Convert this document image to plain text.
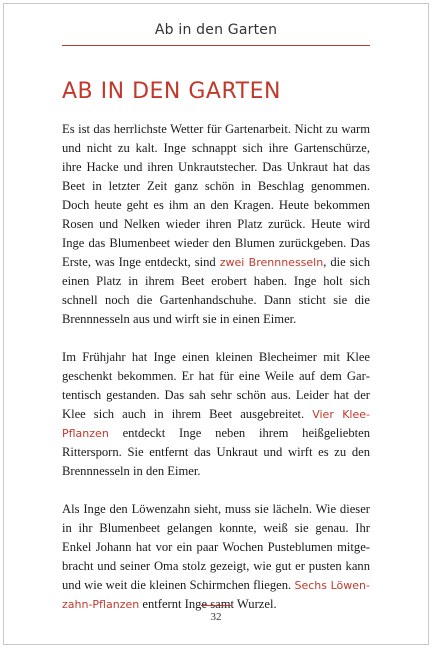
Ab in den Garten
AB IN DEN GARTEN

Es ist das herrlichste Wetter für Gartenarbeit. Nicht zu warm und nicht zu kalt. Inge schnappt sich ihre Gartenschürze, ihre Hacke und ihren Unkrautstecher. Das Unkraut hat das Beet in letzter Zeit ganz schön in Beschlag genommen. Doch heute geht es ihm an den Kragen. Heute bekommen Rosen und Nelken wieder ihren Platz zurück. Heute wird Inge das Blumenbeet wieder den Blumen zurückgeben. Das Erste, was Inge entdeckt, sind zwei Brennnesseln, die sich einen Platz in ihrem Beet erobert haben. Inge holt sich schnell noch die Gartenhandschuhe. Dann sticht sie die Brennnesseln aus und wirft sie in einen Eimer.

Im Frühjahr hat Inge einen kleinen Blecheimer mit Klee geschenkt bekommen. Er hat für eine Weile auf dem Gartentisch gestanden. Das sah sehr schön aus. Leider hat der Klee sich auch in ihrem Beet ausgebreitet. Vier Klee-Pflanzen entdeckt Inge neben ihrem heißgeliebten Rittersporn. Sie entfernt das Unkraut und wirft es zu den Brennnesseln in den Eimer.

Als Inge den Löwenzahn sieht, muss sie lächeln. Wie dieser in ihr Blumenbeet gelangen konnte, weiß sie genau. Ihr Enkel Johann hat vor ein paar Wochen Pusteblumen mitgebracht und seiner Oma stolz gezeigt, wie gut er pusten kann und wie weit die kleinen Schirmchen fliegen. Sechs Löwenzahn-Pflanzen entfernt Inge samt Wurzel.

32
